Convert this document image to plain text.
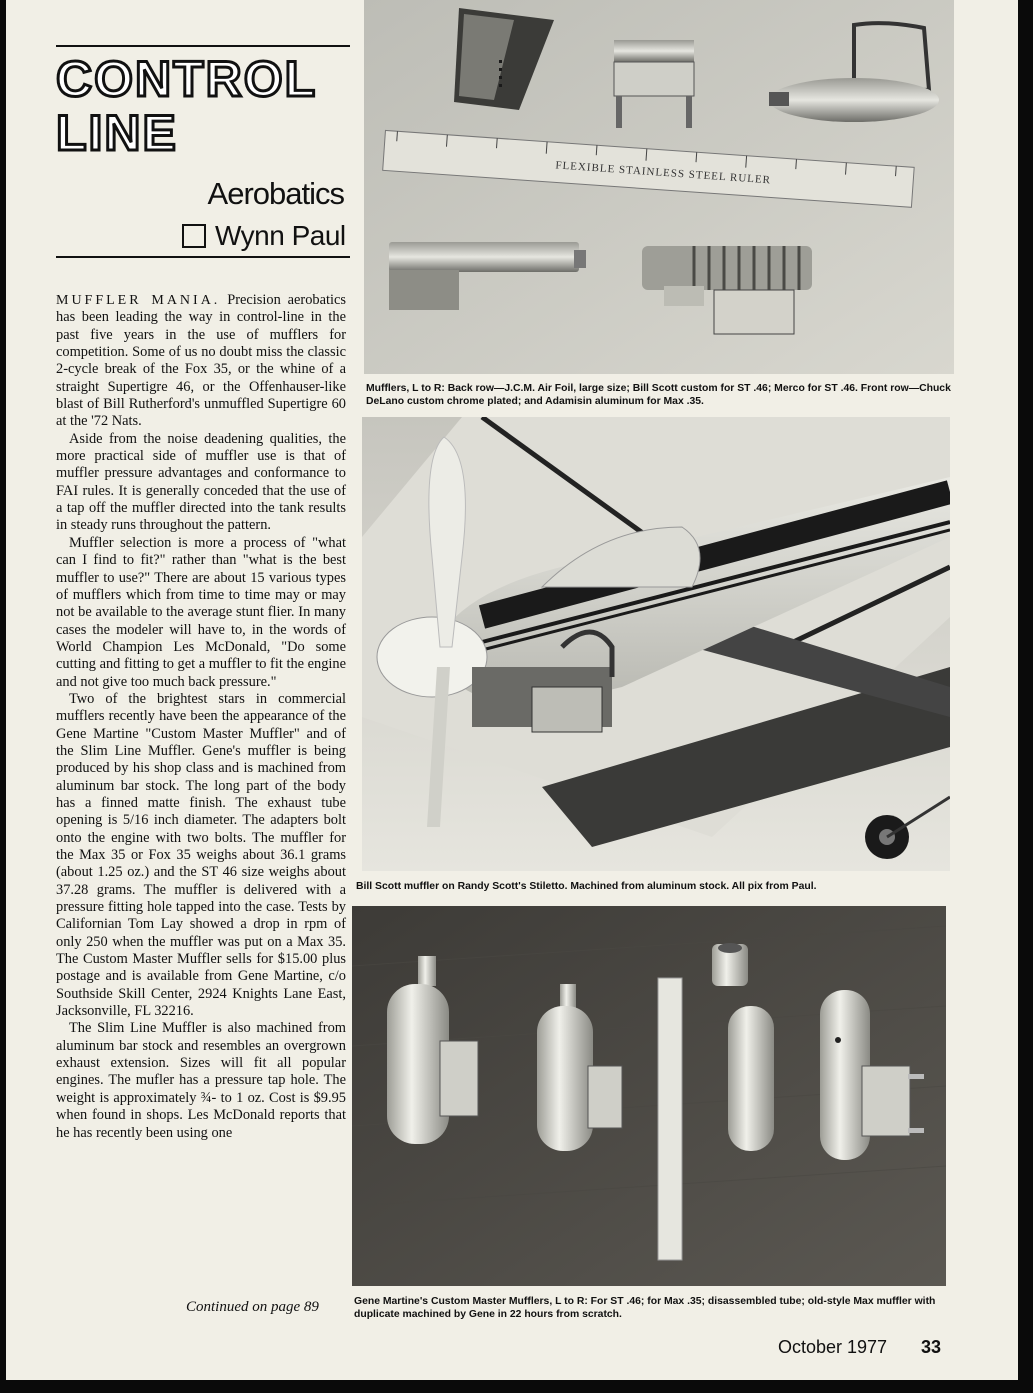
CONTROL
LINE
Aerobatics
Wynn Paul

MUFFLER MANIA. Precision aerobatics has been leading the way in control-line in the past five years in the use of mufflers for competition. Some of us no doubt miss the classic 2-cycle break of the Fox 35, or the whine of a straight Supertigre 46, or the Offenhauser-like blast of Bill Rutherford's unmuffled Supertigre 60 at the '72 Nats.

Aside from the noise deadening qualities, the more practical side of muffler use is that of muffler pressure advantages and conformance to FAI rules. It is generally conceded that the use of a tap off the muffler directed into the tank results in steady runs throughout the pattern.

Muffler selection is more a process of "what can I find to fit?" rather than "what is the best muffler to use?" There are about 15 various types of mufflers which from time to time may or may not be available to the average stunt flier. In many cases the modeler will have to, in the words of World Champion Les McDonald, "Do some cutting and fitting to get a muffler to fit the engine and not give too much back pressure."

Two of the brightest stars in commercial mufflers recently have been the appearance of the Gene Martine "Custom Master Muffler" and of the Slim Line Muffler. Gene's muffler is being produced by his shop class and is machined from aluminum bar stock. The long part of the body has a finned matte finish. The exhaust tube opening is 5/16 inch diameter. The adapters bolt onto the engine with two bolts. The muffler for the Max 35 or Fox 35 weighs about 36.1 grams (about 1.25 oz.) and the ST 46 size weighs about 37.28 grams. The muffler is delivered with a pressure fitting hole tapped into the case. Tests by Californian Tom Lay showed a drop in rpm of only 250 when the muffler was put on a Max 35. The Custom Master Muffler sells for $15.00 plus postage and is available from Gene Martine, c/o Southside Skill Center, 2924 Knights Lane East, Jacksonville, FL 32216.

The Slim Line Muffler is also machined from aluminum bar stock and resembles an overgrown exhaust extension. Sizes will fit all popular engines. The mufler has a pressure tap hole. The weight is approximately ¾- to 1 oz. Cost is $9.95 when found in shops. Les McDonald reports that he has recently been using one

Continued on page 89
FLEXIBLE STAINLESS STEEL RULER
Mufflers, L to R: Back row—J.C.M. Air Foil, large size; Bill Scott custom for ST .46; Merco for ST .46. Front row—Chuck DeLano custom chrome plated; and Adamisin aluminum for Max .35.
Bill Scott muffler on Randy Scott's Stiletto. Machined from aluminum stock. All pix from Paul.
Gene Martine's Custom Master Mufflers, L to R: For ST .46; for Max .35; disassembled tube; old-style Max muffler with duplicate machined by Gene in 22 hours from scratch.
October 1977 33
